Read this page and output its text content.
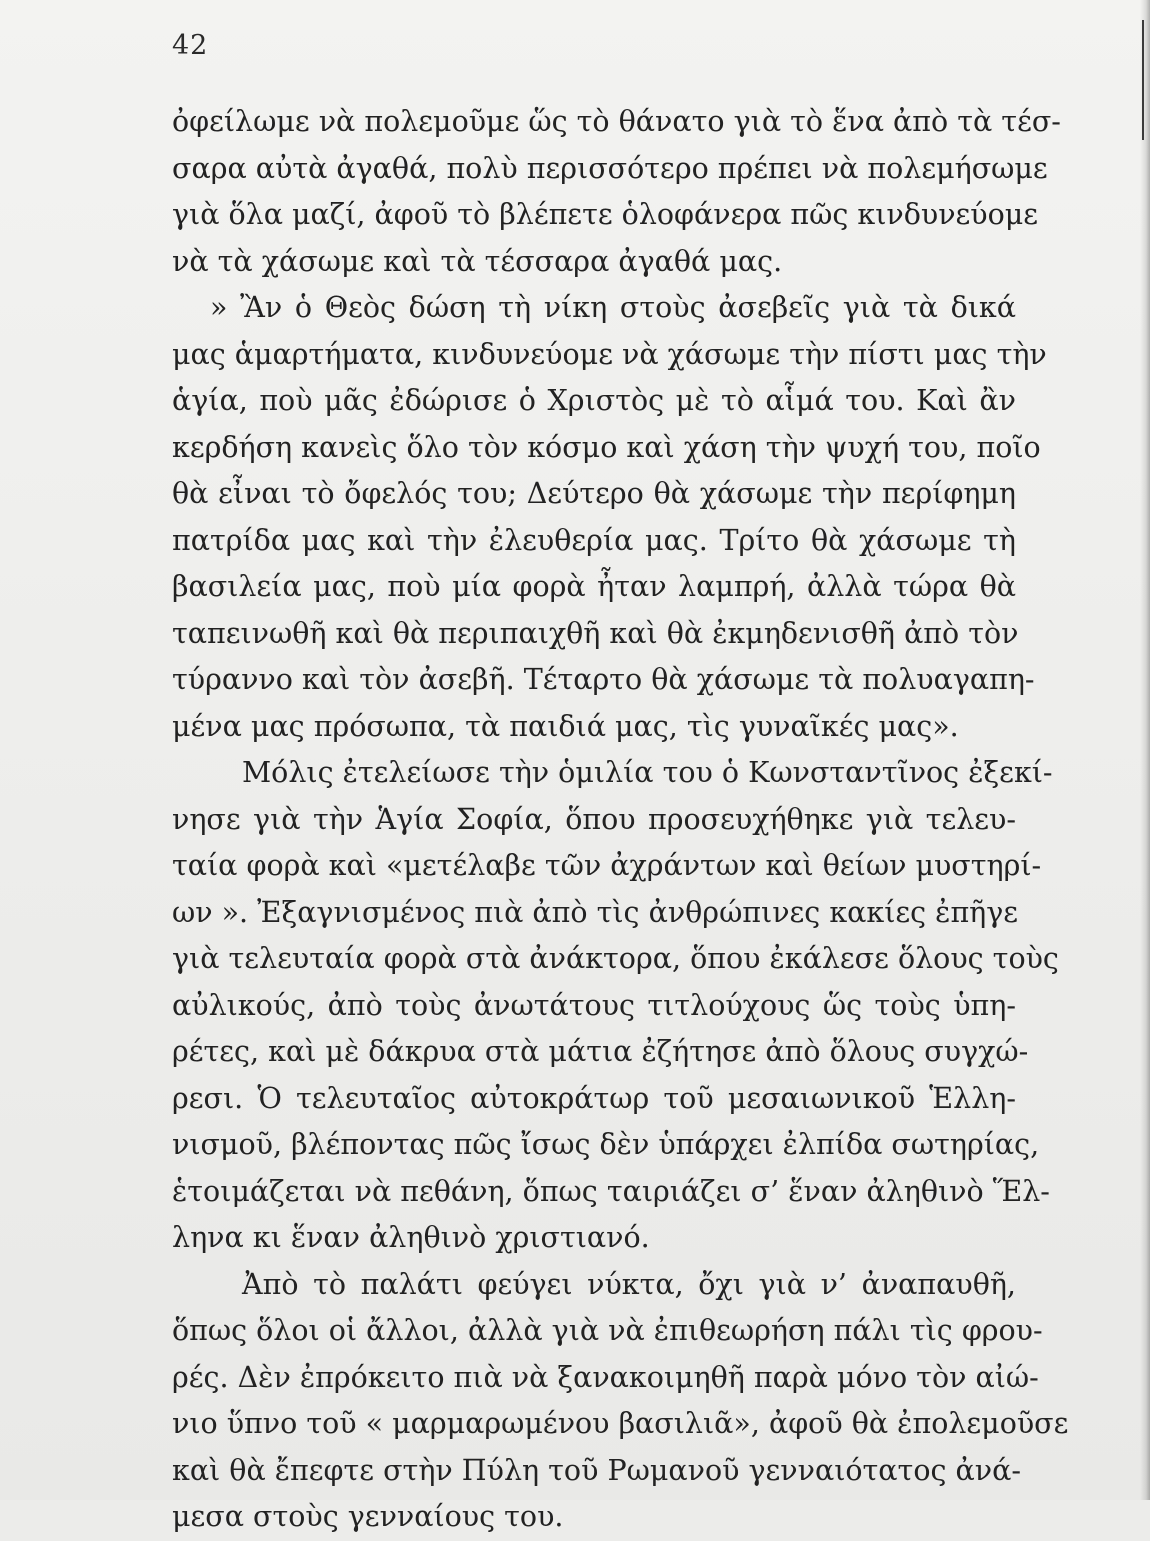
42
ὀφείλωμε νὰ πολεμοῦμε ὥς τὸ θάνατο γιὰ τὸ ἕνα ἀπὸ τὰ τέσ-
σαρα αὐτὰ ἀγαθά, πολὺ περισσότερο πρέπει νὰ πολεμήσωμε
γιὰ ὅλα μαζί, ἀφοῦ τὸ βλέπετε ὁλοφάνερα πῶς κινδυνεύομε
νὰ τὰ χάσωμε καὶ τὰ τέσσαρα ἀγαθά μας.
» Ἂν ὁ Θεὸς δώση τὴ νίκη στοὺς ἀσεβεῖς γιὰ τὰ δικά
μας ἁμαρτήματα, κινδυνεύομε νὰ χάσωμε τὴν πίστι μας τὴν
ἁγία, ποὺ μᾶς ἐδώρισε ὁ Χριστὸς μὲ τὸ αἷμά του. Καὶ ἂν
κερδήση κανεὶς ὅλο τὸν κόσμο καὶ χάση τὴν ψυχή του, ποῖο
θὰ εἶναι τὸ ὄφελός του; Δεύτερο θὰ χάσωμε τὴν περίφημη
πατρίδα μας καὶ τὴν ἐλευθερία μας. Τρίτο θὰ χάσωμε τὴ
βασιλεία μας, ποὺ μία φορὰ ἦταν λαμπρή, ἀλλὰ τώρα θὰ
ταπεινωθῆ καὶ θὰ περιπαιχθῆ καὶ θὰ ἐκμηδενισθῆ ἀπὸ τὸν
τύραννο καὶ τὸν ἀσεβῆ. Τέταρτο θὰ χάσωμε τὰ πολυαγαπη-
μένα μας πρόσωπα, τὰ παιδιά μας, τὶς γυναῖκές μας».
Μόλις ἐτελείωσε τὴν ὁμιλία του ὁ Κωνσταντῖνος ἐξεκί-
νησε γιὰ τὴν Ἁγία Σοφία, ὅπου προσευχήθηκε γιὰ τελευ-
ταία φορὰ καὶ «μετέλαβε τῶν ἀχράντων καὶ θείων μυστηρί-
ων ». Ἐξαγνισμένος πιὰ ἀπὸ τὶς ἀνθρώπινες κακίες ἐπῆγε
γιὰ τελευταία φορὰ στὰ ἀνάκτορα, ὅπου ἐκάλεσε ὅλους τοὺς
αὐλικούς, ἀπὸ τοὺς ἀνωτάτους τιτλούχους ὥς τοὺς ὑπη-
ρέτες, καὶ μὲ δάκρυα στὰ μάτια ἐζήτησε ἀπὸ ὅλους συγχώ-
ρεσι. Ὁ τελευταῖος αὐτοκράτωρ τοῦ μεσαιωνικοῦ Ἑλλη-
νισμοῦ, βλέποντας πῶς ἴσως δὲν ὑπάρχει ἐλπίδα σωτηρίας,
ἑτοιμάζεται νὰ πεθάνη, ὅπως ταιριάζει σ’ ἕναν ἀληθινὸ Ἕλ-
ληνα κι ἕναν ἀληθινὸ χριστιανό.
Ἀπὸ τὸ παλάτι φεύγει νύκτα, ὄχι γιὰ ν’ ἀναπαυθῆ,
ὅπως ὅλοι οἱ ἄλλοι, ἀλλὰ γιὰ νὰ ἐπιθεωρήση πάλι τὶς φρου-
ρές. Δὲν ἐπρόκειτο πιὰ νὰ ξανακοιμηθῆ παρὰ μόνο τὸν αἰώ-
νιο ὕπνο τοῦ « μαρμαρωμένου βασιλιᾶ», ἀφοῦ θὰ ἐπολεμοῦσε
καὶ θὰ ἔπεφτε στὴν Πύλη τοῦ Ρωμανοῦ γενναιότατος ἀνά-
μεσα στοὺς γενναίους του.
